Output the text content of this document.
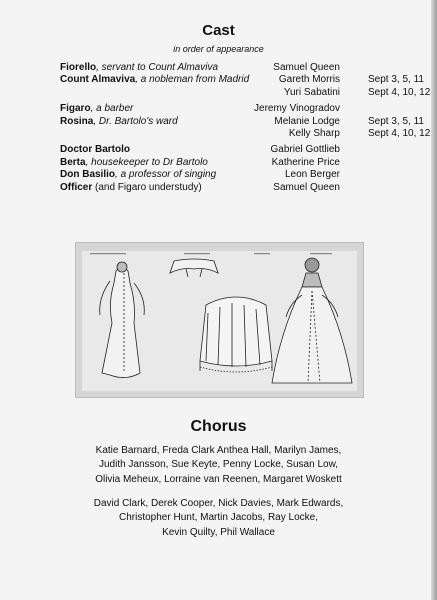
Cast
in order of appearance
Fiorello, servant to Count Almaviva	Samuel Queen
Count Almaviva, a nobleman from Madrid	Gareth Morris	Sept 3, 5, 11
Yuri Sabatini	Sept 4, 10, 12
Figaro, a barber	Jeremy Vinogradov
Rosina, Dr. Bartolo's ward	Melanie Lodge	Sept 3, 5, 11
Kelly Sharp	Sept 4, 10, 12
Doctor Bartolo	Gabriel Gottlieb
Berta, housekeeper to Dr Bartolo	Katherine Price
Don Basilio, a professor of singing	Leon Berger
Officer (and Figaro understudy)	Samuel Queen
Chorus
Katie Barnard, Freda Clark Anthea Hall, Marilyn James,
Judith Jansson, Sue Keyte, Penny Locke, Susan Low,
Olivia Meheux, Lorraine van Reenen, Margaret Woskett
David Clark, Derek Cooper, Nick Davies, Mark Edwards,
Christopher Hunt, Martin Jacobs, Ray Locke,
Kevin Quilty, Phil Wallace
